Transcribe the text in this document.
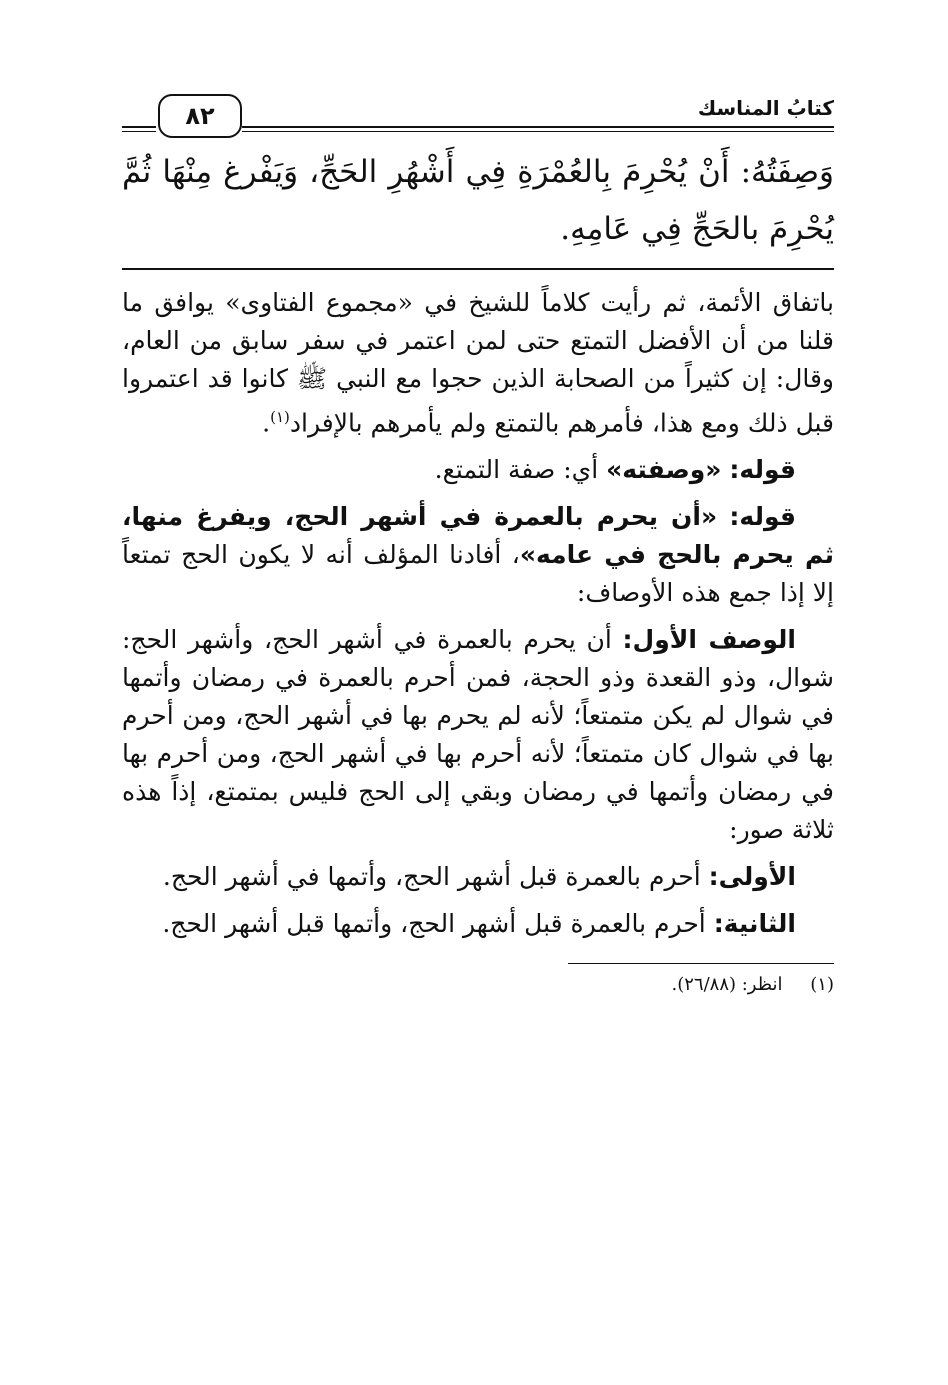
٨٢	كتابُ المناسك
وَصِفَتُهُ: أَنْ يُحْرِمَ بِالعُمْرَةِ فِي أَشْهُرِ الحَجِّ، وَيَفْرغ مِنْهَا ثُمَّ يُحْرِمَ بالحَجِّ فِي عَامِهِ.

باتفاق الأئمة، ثم رأيت كلاماً للشيخ في «مجموع الفتاوى» يوافق ما قلنا من أن الأفضل التمتع حتى لمن اعتمر في سفر سابق من العام، وقال: إن كثيراً من الصحابة الذين حجوا مع النبي ﷺ كانوا قد اعتمروا قبل ذلك ومع هذا، فأمرهم بالتمتع ولم يأمرهم بالإفراد$^{(١)}$.

قوله: «وصفته» أي: صفة التمتع.

قوله: «أن يحرم بالعمرة في أشهر الحج، ويفرغ منها، ثم يحرم بالحج في عامه»، أفادنا المؤلف أنه لا يكون الحج تمتعاً إلا إذا جمع هذه الأوصاف:

الوصف الأول: أن يحرم بالعمرة في أشهر الحج، وأشهر الحج: شوال، وذو القعدة وذو الحجة، فمن أحرم بالعمرة في رمضان وأتمها في شوال لم يكن متمتعاً؛ لأنه لم يحرم بها في أشهر الحج، ومن أحرم بها في شوال كان متمتعاً؛ لأنه أحرم بها في أشهر الحج، ومن أحرم بها في رمضان وأتمها في رمضان وبقي إلى الحج فليس بمتمتع، إذاً هذه ثلاثة صور:

الأولى: أحرم بالعمرة قبل أشهر الحج، وأتمها في أشهر الحج.

الثانية: أحرم بالعمرة قبل أشهر الحج، وأتمها قبل أشهر الحج.

(١) انظر: (٢٦/٨٨).
